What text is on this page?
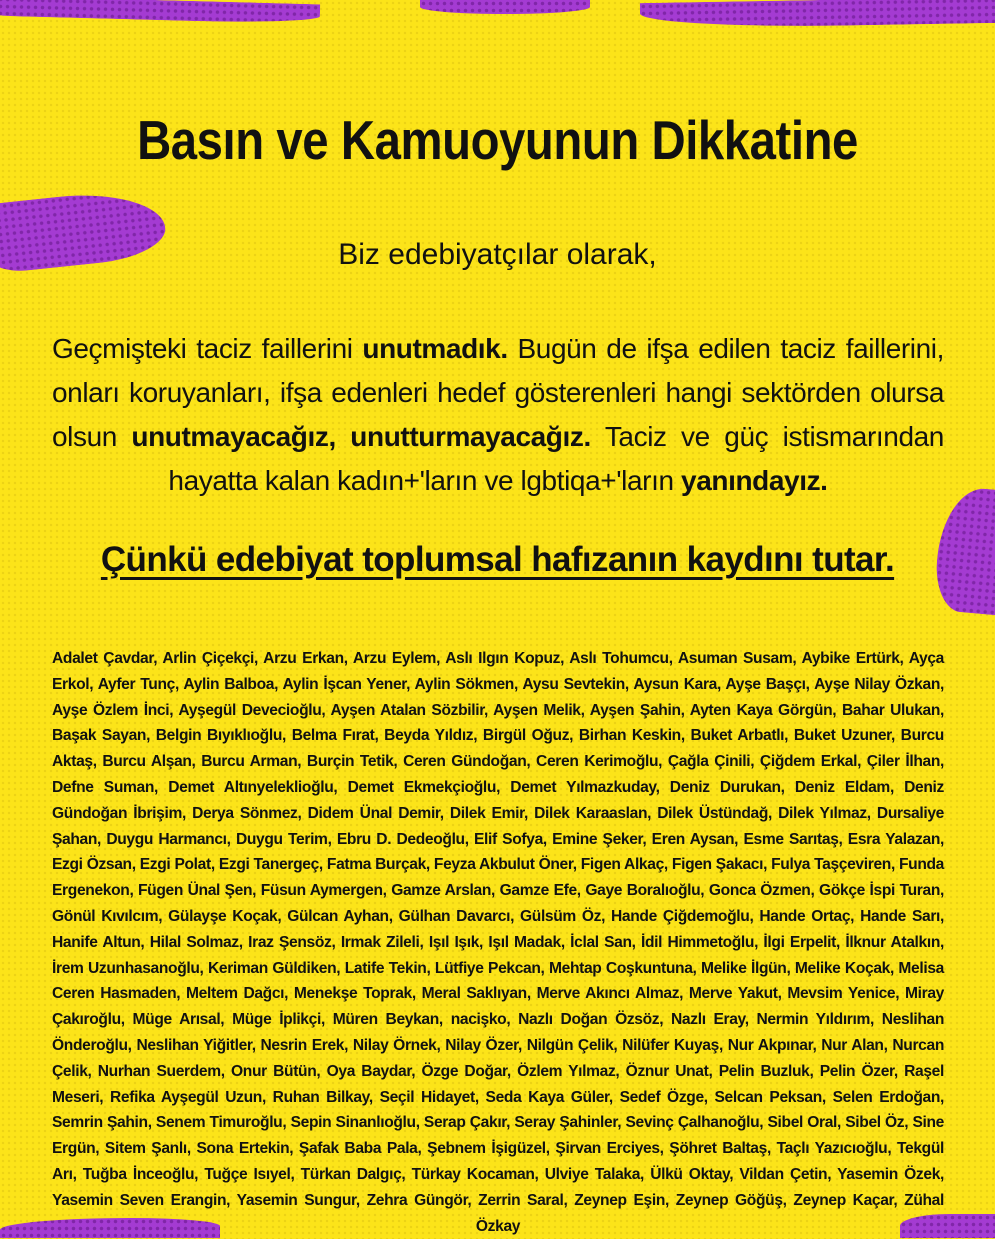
Basın ve Kamuoyunun Dikkatine

Biz edebiyatçılar olarak,

Geçmişteki taciz faillerini unutmadık. Bugün de ifşa edilen taciz faillerini, onları koruyanları, ifşa edenleri hedef gösterenleri hangi sektörden olursa olsun unutmayacağız, unutturmayacağız. Taciz ve güç istismarından hayatta kalan kadın+'ların ve lgbtiqa+'ların yanındayız.

Çünkü edebiyat toplumsal hafızanın kaydını tutar.

Adalet Çavdar, Arlin Çiçekçi, Arzu Erkan, Arzu Eylem, Aslı Ilgın Kopuz, Aslı Tohumcu, Asuman Susam, Aybike Ertürk, Ayça Erkol, Ayfer Tunç, Aylin Balboa, Aylin İşcan Yener, Aylin Sökmen, Aysu Sevtekin, Aysun Kara, Ayşe Başçı, Ayşe Nilay Özkan, Ayşe Özlem İnci, Ayşegül Devecioğlu, Ayşen Atalan Sözbilir, Ayşen Melik, Ayşen Şahin, Ayten Kaya Görgün, Bahar Ulukan, Başak Sayan, Belgin Bıyıklıoğlu, Belma Fırat, Beyda Yıldız, Birgül Oğuz, Birhan Keskin, Buket Arbatlı, Buket Uzuner, Burcu Aktaş, Burcu Alşan, Burcu Arman, Burçin Tetik, Ceren Gündoğan, Ceren Kerimoğlu, Çağla Çinili, Çiğdem Erkal, Çiler İlhan, Defne Suman, Demet Altınyeleklioğlu, Demet Ekmekçioğlu, Demet Yılmazkuday, Deniz Durukan, Deniz Eldam, Deniz Gündoğan İbrişim, Derya Sönmez, Didem Ünal Demir, Dilek Emir, Dilek Karaaslan, Dilek Üstündağ, Dilek Yılmaz, Dursaliye Şahan, Duygu Harmancı, Duygu Terim, Ebru D. Dedeoğlu, Elif Sofya, Emine Şeker, Eren Aysan, Esme Sarıtaş, Esra Yalazan, Ezgi Özsan, Ezgi Polat, Ezgi Tanergeç, Fatma Burçak, Feyza Akbulut Öner, Figen Alkaç, Figen Şakacı, Fulya Taşçeviren, Funda Ergenekon, Fügen Ünal Şen, Füsun Aymergen, Gamze Arslan, Gamze Efe, Gaye Boralıoğlu, Gonca Özmen, Gökçe İspi Turan, Gönül Kıvılcım, Gülayşe Koçak, Gülcan Ayhan, Gülhan Davarcı, Gülsüm Öz, Hande Çiğdemoğlu, Hande Ortaç, Hande Sarı, Hanife Altun, Hilal Solmaz, Iraz Şensöz, Irmak Zileli, Işıl Işık, Işıl Madak, İclal San, İdil Himmetoğlu, İlgi Erpelit, İlknur Atalkın, İrem Uzunhasanoğlu, Keriman Güldiken, Latife Tekin, Lütfiye Pekcan, Mehtap Coşkuntuna, Melike İlgün, Melike Koçak, Melisa Ceren Hasmaden, Meltem Dağcı, Menekşe Toprak, Meral Saklıyan, Merve Akıncı Almaz, Merve Yakut, Mevsim Yenice, Miray Çakıroğlu, Müge Arısal, Müge İplikçi, Müren Beykan, nacişko, Nazlı Doğan Özsöz, Nazlı Eray, Nermin Yıldırım, Neslihan Önderoğlu, Neslihan Yiğitler, Nesrin Erek, Nilay Örnek, Nilay Özer, Nilgün Çelik, Nilüfer Kuyaş, Nur Akpınar, Nur Alan, Nurcan Çelik, Nurhan Suerdem, Onur Bütün, Oya Baydar, Özge Doğar, Özlem Yılmaz, Öznur Unat, Pelin Buzluk, Pelin Özer, Raşel Meseri, Refika Ayşegül Uzun, Ruhan Bilkay, Seçil Hidayet, Seda Kaya Güler, Sedef Özge, Selcan Peksan, Selen Erdoğan, Semrin Şahin, Senem Timuroğlu, Sepin Sinanlıoğlu, Serap Çakır, Seray Şahinler, Sevinç Çalhanoğlu, Sibel Oral, Sibel Öz, Sine Ergün, Sitem Şanlı, Sona Ertekin, Şafak Baba Pala, Şebnem İşigüzel, Şirvan Erciyes, Şöhret Baltaş, Taçlı Yazıcıoğlu, Tekgül Arı, Tuğba İnceoğlu, Tuğçe Isıyel, Türkan Dalgıç, Türkay Kocaman, Ulviye Talaka, Ülkü Oktay, Vildan Çetin, Yasemin Özek, Yasemin Seven Erangin, Yasemin Sungur, Zehra Güngör, Zerrin Saral, Zeynep Eşin, Zeynep Göğüş, Zeynep Kaçar, Zühal Özkay
